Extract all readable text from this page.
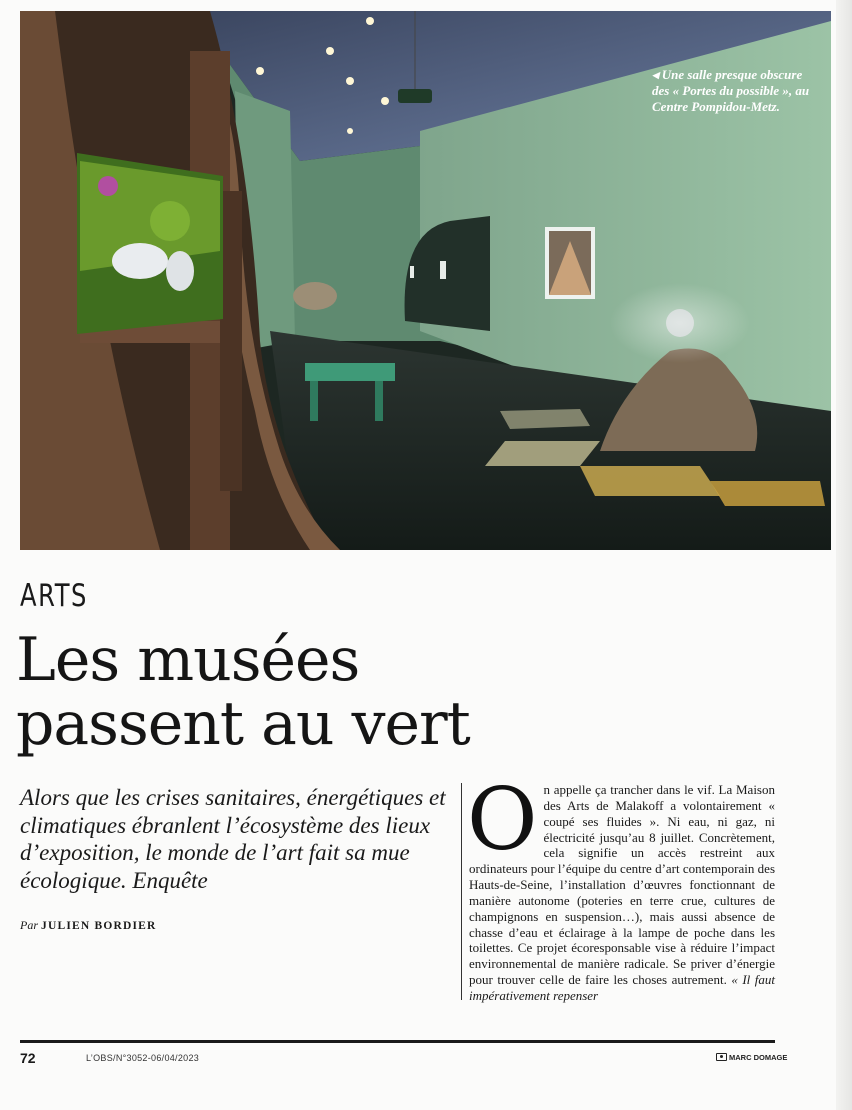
◂ Une salle presque obscure des « Portes du possible », au Centre Pompidou-Metz.
ARTS
Les musées
passent au vert

Alors que les crises sanitaires, énergétiques et climatiques ébranlent l’écosystème des lieux d’exposition, le monde de l’art fait sa mue écologique. Enquête

Par JULIEN BORDIER
O n appelle ça trancher dans le vif. La Maison des Arts de Malakoff a volontairement « coupé ses fluides ». Ni eau, ni gaz, ni électricité jusqu’au 8 juillet. Concrètement, cela signifie un accès restreint aux ordinateurs pour l’équipe du centre d’art contemporain des Hauts-de-Seine, l’installation d’œuvres fonctionnant de manière autonome (poteries en terre crue, cultures de champignons en suspension…), mais aussi absence de chasse d’eau et éclairage à la lampe de poche dans les toilettes. Ce projet écoresponsable vise à réduire l’impact environnemental de manière radicale. Se priver d’énergie pour trouver celle de faire les choses autrement. « Il faut impérativement repenser

72	L’OBS/N°3052-06/04/2023	MARC DOMAGE
